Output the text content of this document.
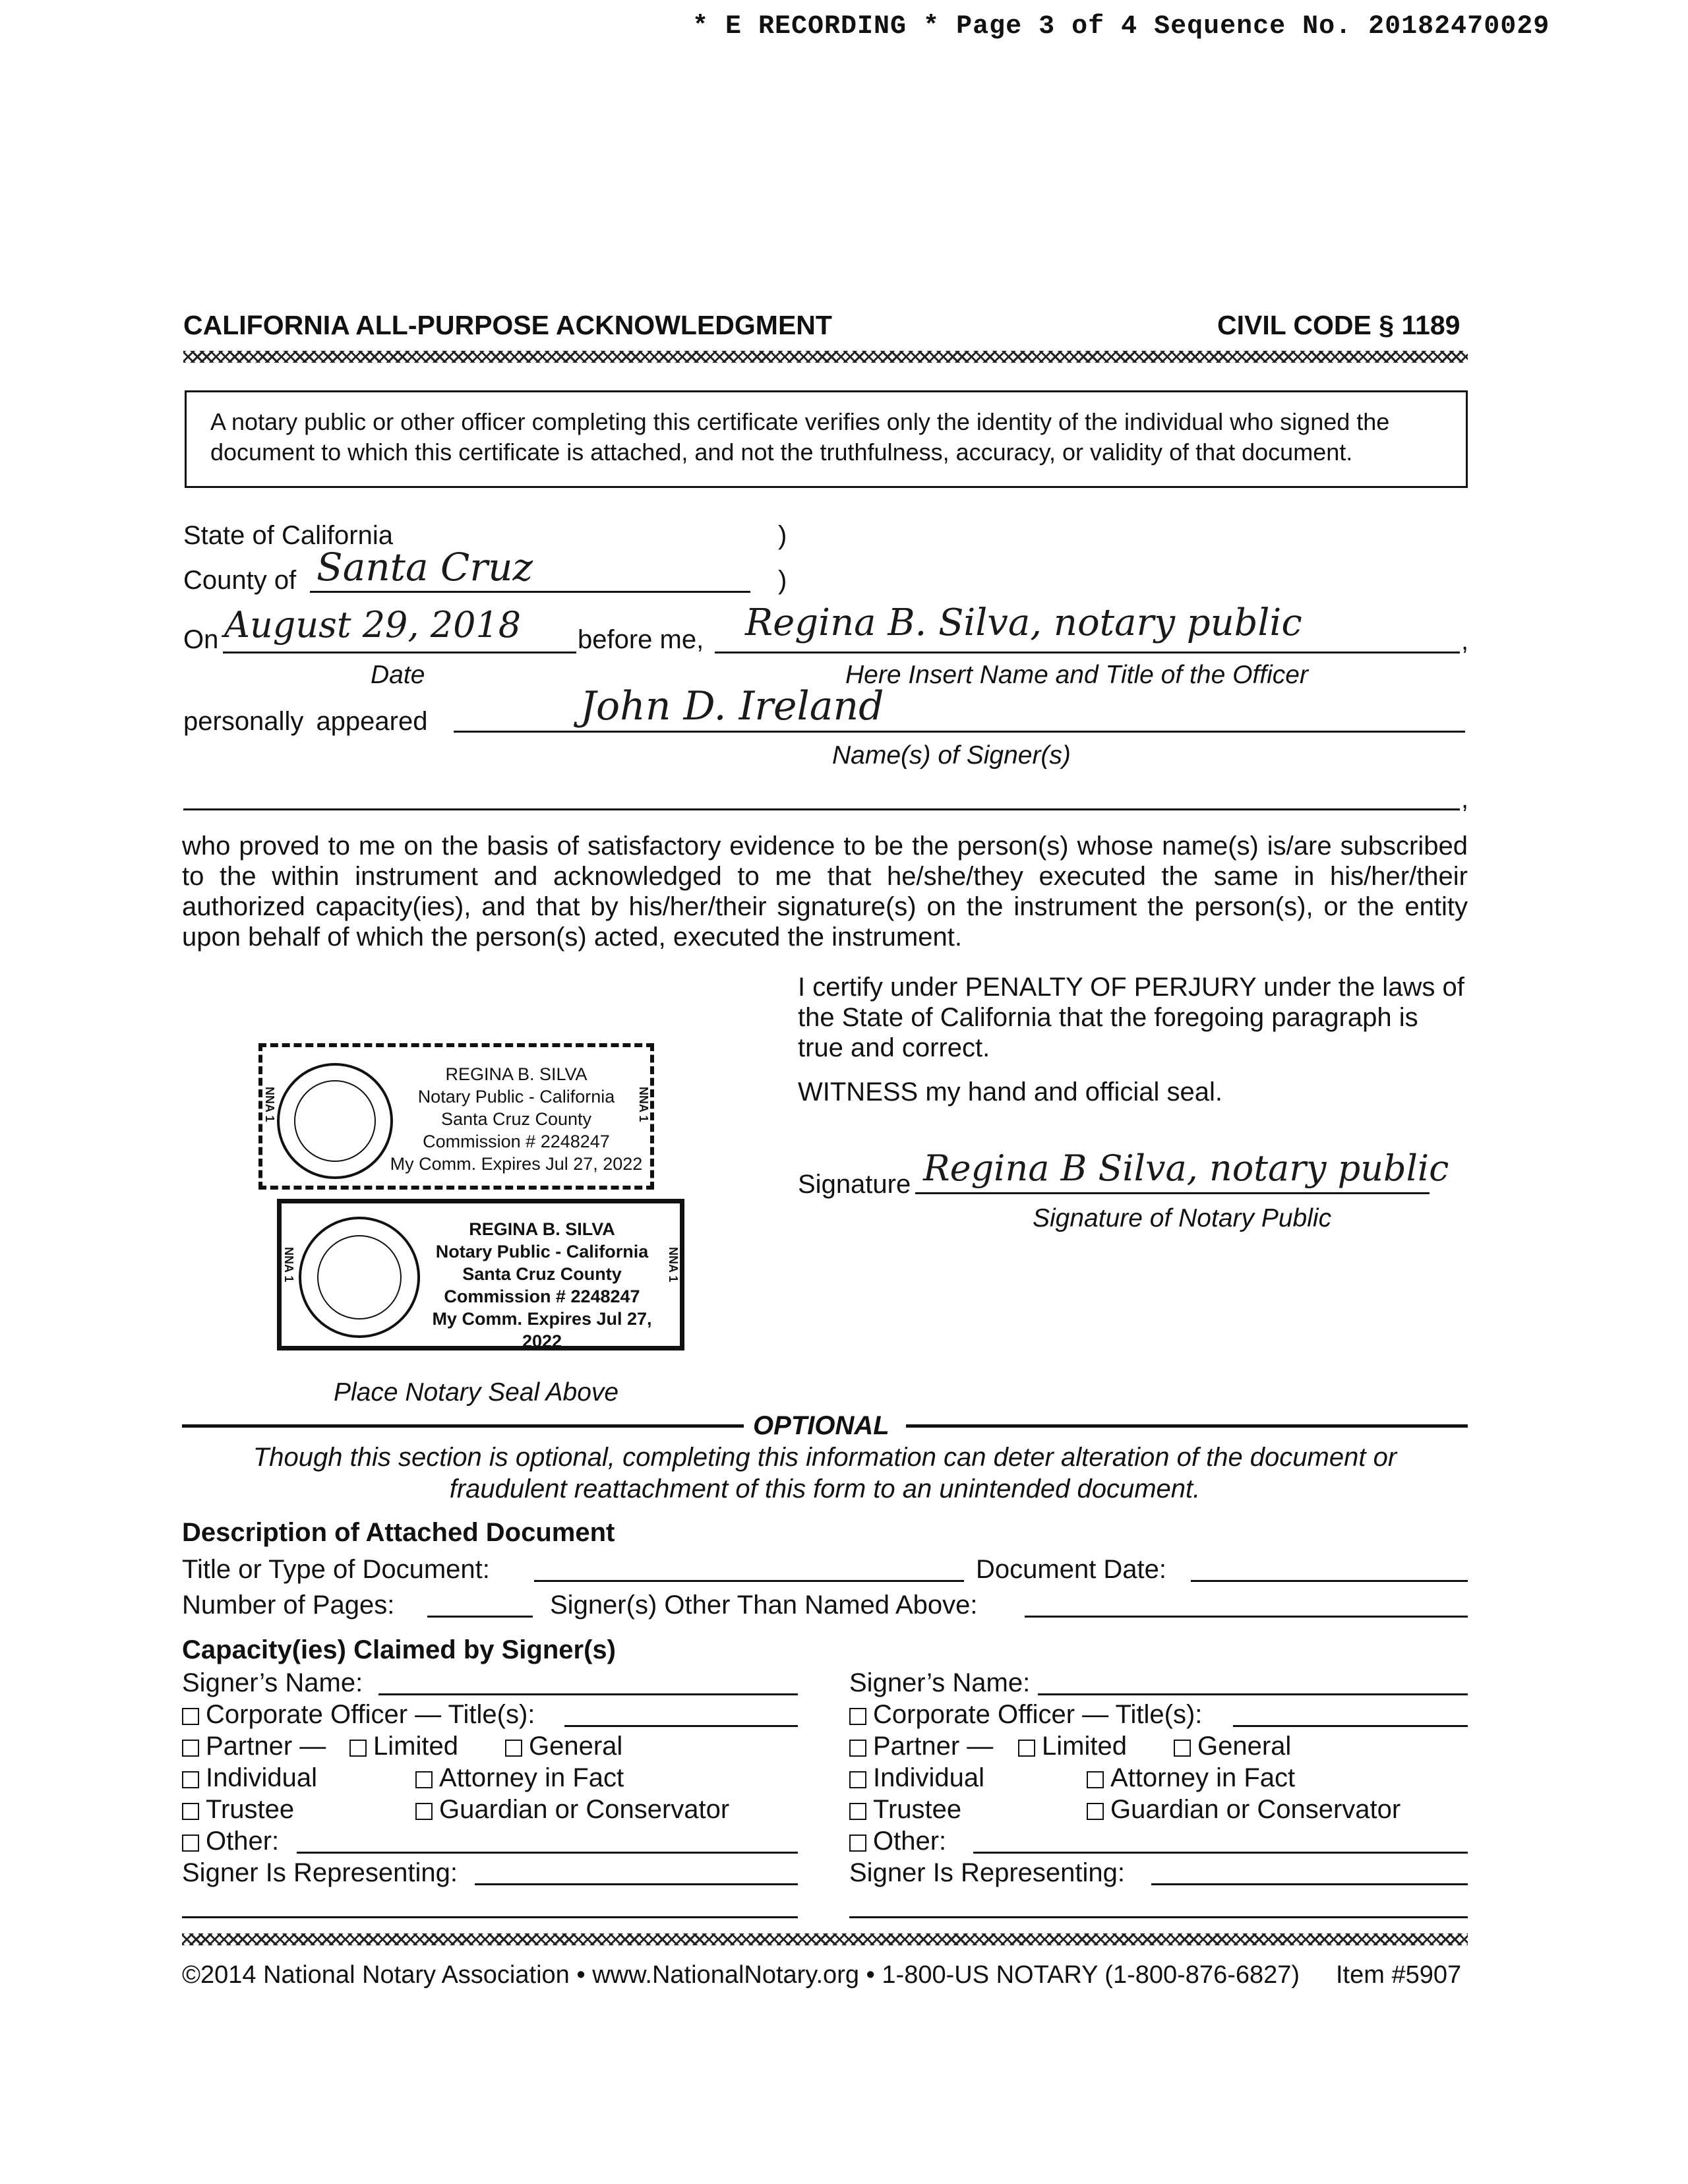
* E RECORDING * Page 3 of 4 Sequence No. 20182470029
CALIFORNIA ALL-PURPOSE ACKNOWLEDGMENT	CIVIL CODE § 1189
A notary public or other officer completing this certificate verifies only the identity of the individual who signed the document to which this certificate is attached, and not the truthfulness, accuracy, or validity of that document.
State of California	)
County of Santa Cruz	)
On August 29, 2018 before me, Regina B. Silva, notary public	,
Date	Here Insert Name and Title of the Officer
personally appeared	John D. Ireland
Name(s) of Signer(s)
,
who proved to me on the basis of satisfactory evidence to be the person(s) whose name(s) is/are subscribed to the within instrument and acknowledged to me that he/she/they executed the same in his/her/their authorized capacity(ies), and that by his/her/their signature(s) on the instrument the person(s), or the entity upon behalf of which the person(s) acted, executed the instrument.
I certify under PENALTY OF PERJURY under the laws of the State of California that the foregoing paragraph is true and correct.
WITNESS my hand and official seal.
Signature Regina B Silva, notary public
Signature of Notary Public
NNA 1	NNA 1
REGINA B. SILVA
Notary Public - California
Santa Cruz County
Commission # 2248247
My Comm. Expires Jul 27, 2022
NNA 1	NNA 1
REGINA B. SILVA
Notary Public - California
Santa Cruz County
Commission # 2248247
My Comm. Expires Jul 27, 2022
Place Notary Seal Above
OPTIONAL
Though this section is optional, completing this information can deter alteration of the document or
fraudulent reattachment of this form to an unintended document.
Description of Attached Document
Title or Type of Document:	Document Date:
Number of Pages:	Signer(s) Other Than Named Above:
Capacity(ies) Claimed by Signer(s)
Signer’s Name:
Corporate Officer — Title(s):
Partner —	Limited	General
Individual	Attorney in Fact
Trustee	Guardian or Conservator
Other:
Signer Is Representing:
Signer’s Name:
Corporate Officer — Title(s):
Partner —	Limited	General
Individual	Attorney in Fact
Trustee	Guardian or Conservator
Other:
Signer Is Representing:
©2014 National Notary Association • www.NationalNotary.org • 1-800-US NOTARY (1-800-876-6827) Item #5907
